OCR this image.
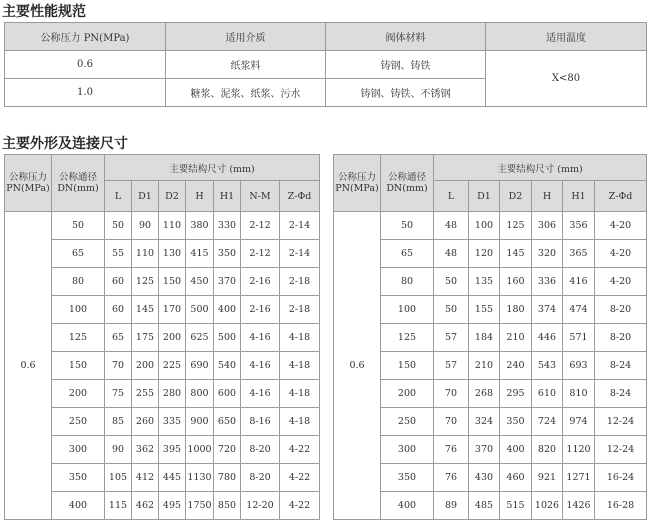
主要性能规范
公称压力 PN(MPa)	适用介质	阀体材料	适用温度
0.6	纸浆料	铸钢、铸铁	X<80
1.0	糖浆、泥浆、纸浆、污水	铸钢、铸铁、不锈钢	
主要外形及连接尺寸
公称压力PN(MPa)	公称通径DN(mm)	主要结构尺寸 (mm)						
		L	D1	D2	H	H1	N-M	Z-Φd
0.6	50	50	90	110	380	330	2-12	2-14
	65	55	110	130	415	350	2-12	2-14
	80	60	125	150	450	370	2-16	2-18
	100	60	145	170	500	400	2-16	2-18
	125	65	175	200	625	500	4-16	4-18
	150	70	200	225	690	540	4-16	4-18
	200	75	255	280	800	600	4-16	4-18
	250	85	260	335	900	650	8-16	4-18
	300	90	362	395	1000	720	8-20	4-22
	350	105	412	445	1130	780	8-20	4-22
	400	115	462	495	1750	850	12-20	4-22
公称压力PN(MPa)	公称通径DN(mm)	主要结构尺寸 (mm)					
		L	D1	D2	H	H1	Z-Φd
0.6	50	48	100	125	306	356	4-20
	65	48	120	145	320	365	4-20
	80	50	135	160	336	416	4-20
	100	50	155	180	374	474	8-20
	125	57	184	210	446	571	8-20
	150	57	210	240	543	693	8-24
	200	70	268	295	610	810	8-24
	250	70	324	350	724	974	12-24
	300	76	370	400	820	1120	12-24
	350	76	430	460	921	1271	16-24
	400	89	485	515	1026	1426	16-28
